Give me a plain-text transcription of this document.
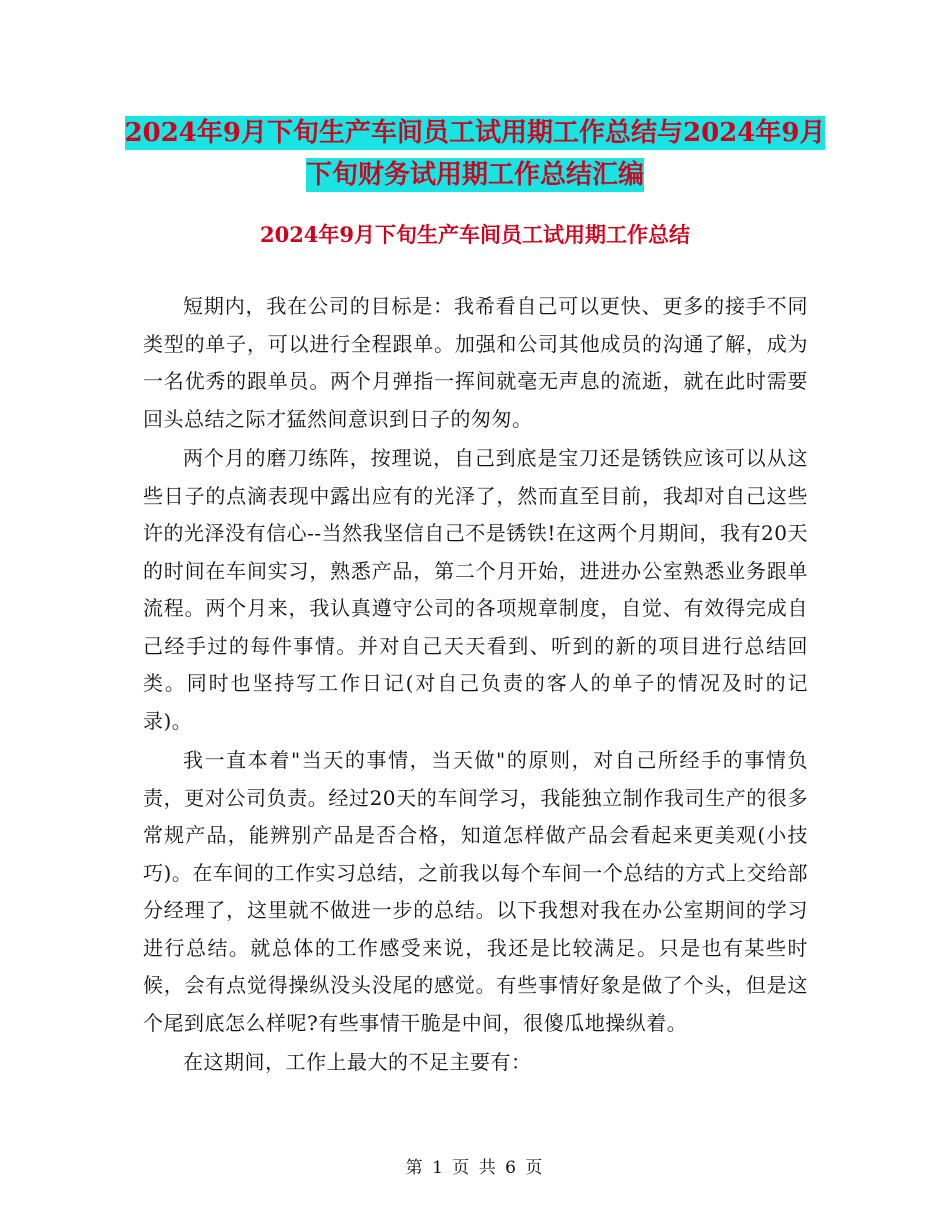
2024年9月下旬生产车间员工试用期工作总结与2024年9月下旬财务试用期工作总结汇编
2024年9月下旬生产车间员工试用期工作总结

短期内，我在公司的目标是：我希看自己可以更快、更多的接手不同类型的单子，可以进行全程跟单。加强和公司其他成员的沟通了解，成为一名优秀的跟单员。两个月弹指一挥间就毫无声息的流逝，就在此时需要回头总结之际才猛然间意识到日子的匆匆。

两个月的磨刀练阵，按理说，自己到底是宝刀还是锈铁应该可以从这些日子的点滴表现中露出应有的光泽了，然而直至目前，我却对自己这些许的光泽没有信心--当然我坚信自己不是锈铁!在这两个月期间，我有20天的时间在车间实习，熟悉产品，第二个月开始，进进办公室熟悉业务跟单流程。两个月来，我认真遵守公司的各项规章制度，自觉、有效得完成自己经手过的每件事情。并对自己天天看到、听到的新的项目进行总结回类。同时也坚持写工作日记(对自己负责的客人的单子的情况及时的记录)。

我一直本着"当天的事情，当天做"的原则，对自己所经手的事情负责，更对公司负责。经过20天的车间学习，我能独立制作我司生产的很多常规产品，能辨别产品是否合格，知道怎样做产品会看起来更美观(小技巧)。在车间的工作实习总结，之前我以每个车间一个总结的方式上交给部分经理了，这里就不做进一步的总结。以下我想对我在办公室期间的学习进行总结。就总体的工作感受来说，我还是比较满足。只是也有某些时候，会有点觉得操纵没头没尾的感觉。有些事情好象是做了个头，但是这个尾到底怎么样呢?有些事情干脆是中间，很傻瓜地操纵着。

在这期间，工作上最大的不足主要有：

第 1 页 共 6 页
